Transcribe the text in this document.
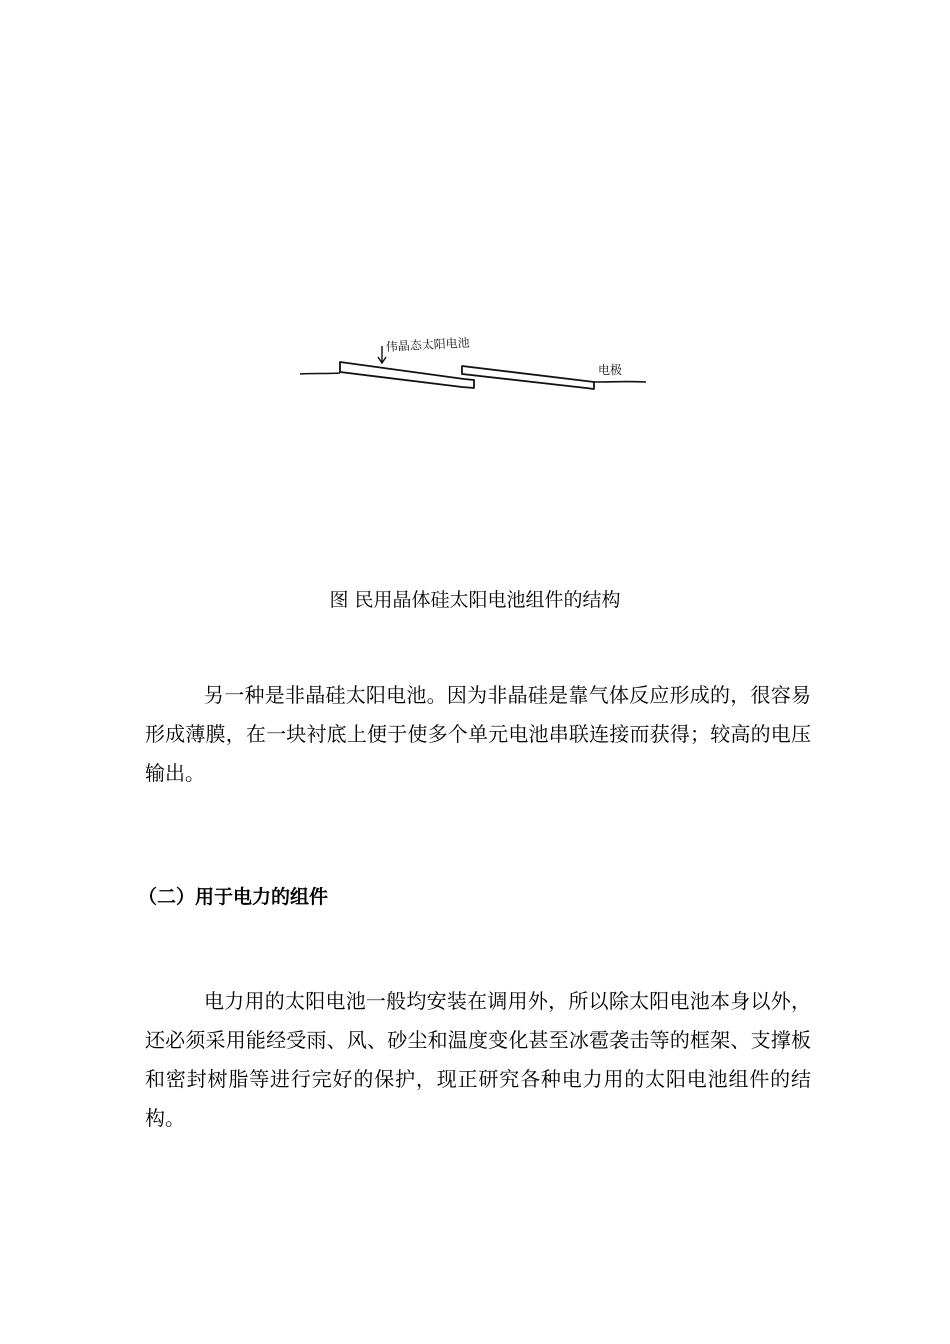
伟晶态太阳电池
电极
图 民用晶体硅太阳电池组件的结构

另一种是非晶硅太阳电池。因为非晶硅是靠气体反应形成的，很容易形成薄膜，在一块衬底上便于使多个单元电池串联连接而获得；较高的电压输出。

（二）用于电力的组件

电力用的太阳电池一般均安装在调用外，所以除太阳电池本身以外，还必须采用能经受雨、风、砂尘和温度变化甚至冰雹袭击等的框架、支撑板和密封树脂等进行完好的保护，现正研究各种电力用的太阳电池组件的结构。
